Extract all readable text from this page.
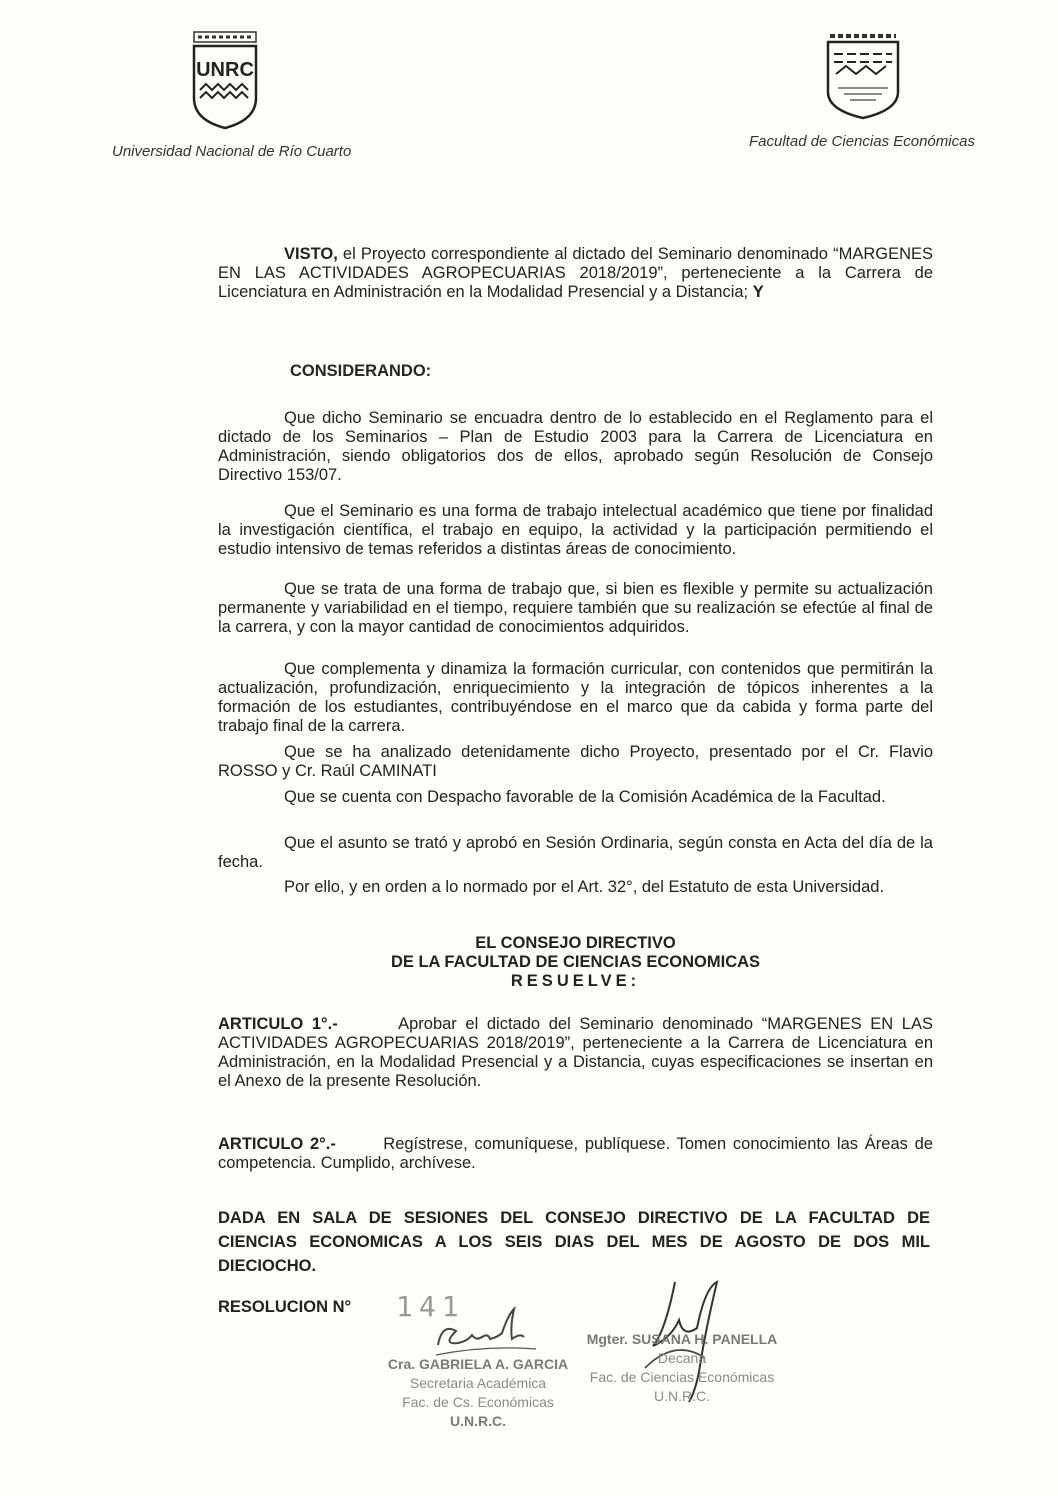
UNRC
Universidad Nacional de Río Cuarto
Facultad de Ciencias Económicas

VISTO, el Proyecto correspondiente al dictado del Seminario denominado “MARGENES EN LAS ACTIVIDADES AGROPECUARIAS 2018/2019”, perteneciente a la Carrera de Licenciatura en Administración en la Modalidad Presencial y a Distancia; Y

CONSIDERANDO:

Que dicho Seminario se encuadra dentro de lo establecido en el Reglamento para el dictado de los Seminarios – Plan de Estudio 2003 para la Carrera de Licenciatura en Administración, siendo obligatorios dos de ellos, aprobado según Resolución de Consejo Directivo 153/07.

Que el Seminario es una forma de trabajo intelectual académico que tiene por finalidad la investigación científica, el trabajo en equipo, la actividad y la participación permitiendo el estudio intensivo de temas referidos a distintas áreas de conocimiento.

Que se trata de una forma de trabajo que, si bien es flexible y permite su actualización permanente y variabilidad en el tiempo, requiere también que su realización se efectúe al final de la carrera, y con la mayor cantidad de conocimientos adquiridos.

Que complementa y dinamiza la formación curricular, con contenidos que permitirán la actualización, profundización, enriquecimiento y la integración de tópicos inherentes a la formación de los estudiantes, contribuyéndose en el marco que da cabida y forma parte del trabajo final de la carrera.

Que se ha analizado detenidamente dicho Proyecto, presentado por el Cr. Flavio ROSSO y Cr. Raúl CAMINATI

Que se cuenta con Despacho favorable de la Comisión Académica de la Facultad.

Que el asunto se trató y aprobó en Sesión Ordinaria, según consta en Acta del día de la fecha.

Por ello, y en orden a lo normado por el Art. 32°, del Estatuto de esta Universidad.

EL CONSEJO DIRECTIVO
DE LA FACULTAD DE CIENCIAS ECONOMICAS
RESUELVE:

ARTICULO 1°.-	Aprobar el dictado del Seminario denominado “MARGENES EN LAS ACTIVIDADES AGROPECUARIAS 2018/2019”, perteneciente a la Carrera de Licenciatura en Administración, en la Modalidad Presencial y a Distancia, cuyas especificaciones se insertan en el Anexo de la presente Resolución.

ARTICULO 2°.-	Regístrese, comuníquese, publíquese. Tomen conocimiento las Áreas de competencia. Cumplido, archívese.

DADA EN SALA DE SESIONES DEL CONSEJO DIRECTIVO DE LA FACULTAD DE CIENCIAS ECONOMICAS A LOS SEIS DIAS DEL MES DE AGOSTO DE DOS MIL DIECIOCHO.
RESOLUCION N° 141
Cra. GABRIELA A. GARCIA
Secretaria Académica
Fac. de Cs. Económicas
U.N.R.C.
Mgter. SUSANA H. PANELLA
Decana
Fac. de Ciencias Económicas
U.N.R.C.
